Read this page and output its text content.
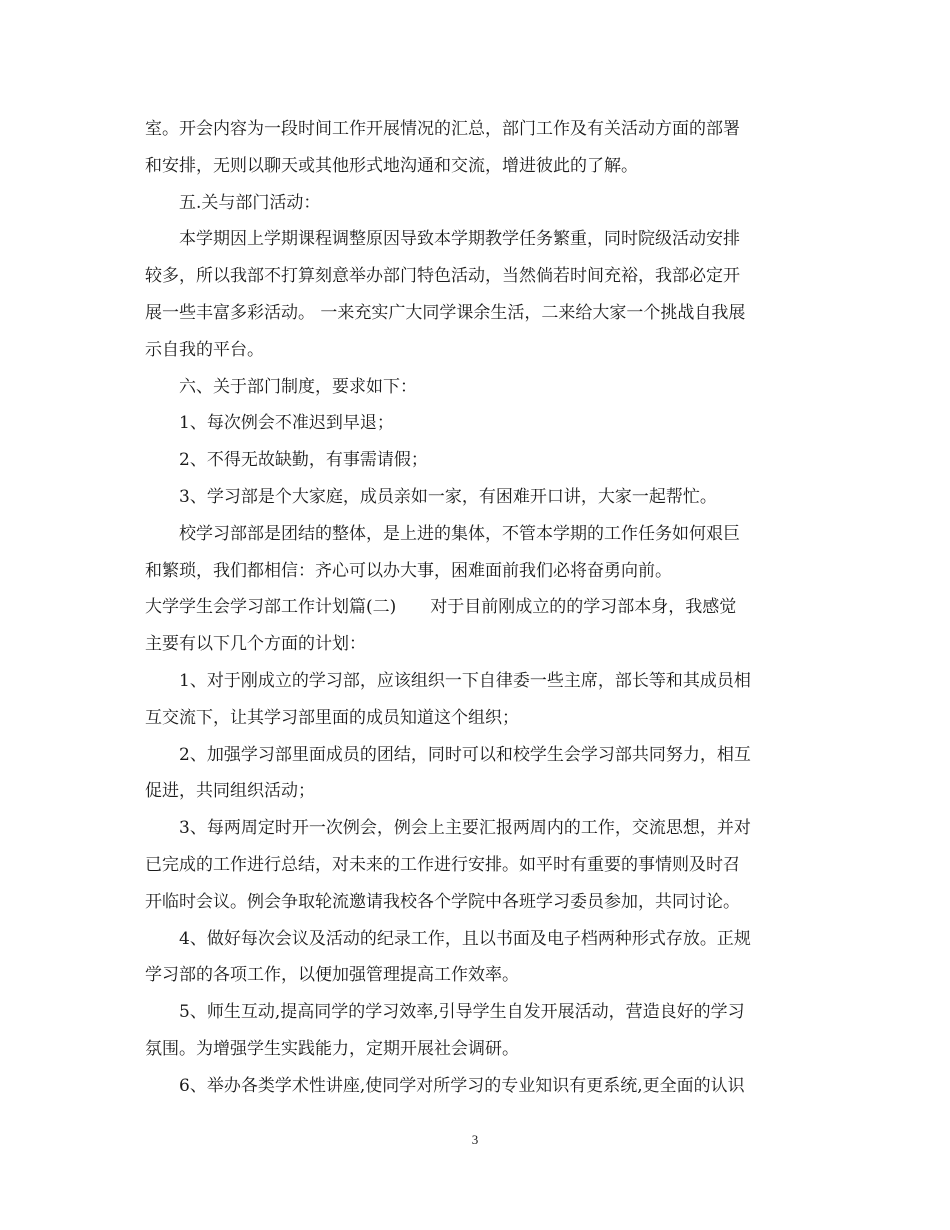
室。开会内容为一段时间工作开展情况的汇总，部门工作及有关活动方面的部署
和安排，无则以聊天或其他形式地沟通和交流，增进彼此的了解。
五.关与部门活动：
本学期因上学期课程调整原因导致本学期教学任务繁重，同时院级活动安排
较多，所以我部不打算刻意举办部门特色活动，当然倘若时间充裕，我部必定开
展一些丰富多彩活动。 一来充实广大同学课余生活，二来给大家一个挑战自我展
示自我的平台。
六、关于部门制度，要求如下：
1、每次例会不准迟到早退；
2、不得无故缺勤，有事需请假；
3、学习部是个大家庭，成员亲如一家，有困难开口讲，大家一起帮忙。
校学习部部是团结的整体，是上进的集体，不管本学期的工作任务如何艰巨
和繁琐，我们都相信：齐心可以办大事，困难面前我们必将奋勇向前。
大学学生会学习部工作计划篇(二)　　对于目前刚成立的的学习部本身，我感觉
主要有以下几个方面的计划：
1、对于刚成立的学习部，应该组织一下自律委一些主席，部长等和其成员相
互交流下，让其学习部里面的成员知道这个组织；
2、加强学习部里面成员的团结，同时可以和校学生会学习部共同努力，相互
促进，共同组织活动；
3、每两周定时开一次例会，例会上主要汇报两周内的工作，交流思想，并对
已完成的工作进行总结，对未来的工作进行安排。如平时有重要的事情则及时召
开临时会议。例会争取轮流邀请我校各个学院中各班学习委员参加，共同讨论。
4、做好每次会议及活动的纪录工作，且以书面及电子档两种形式存放。正规
学习部的各项工作，以便加强管理提高工作效率。
5、师生互动,提高同学的学习效率,引导学生自发开展活动，营造良好的学习
氛围。为增强学生实践能力，定期开展社会调研。
6、举办各类学术性讲座,使同学对所学习的专业知识有更系统,更全面的认识
3
